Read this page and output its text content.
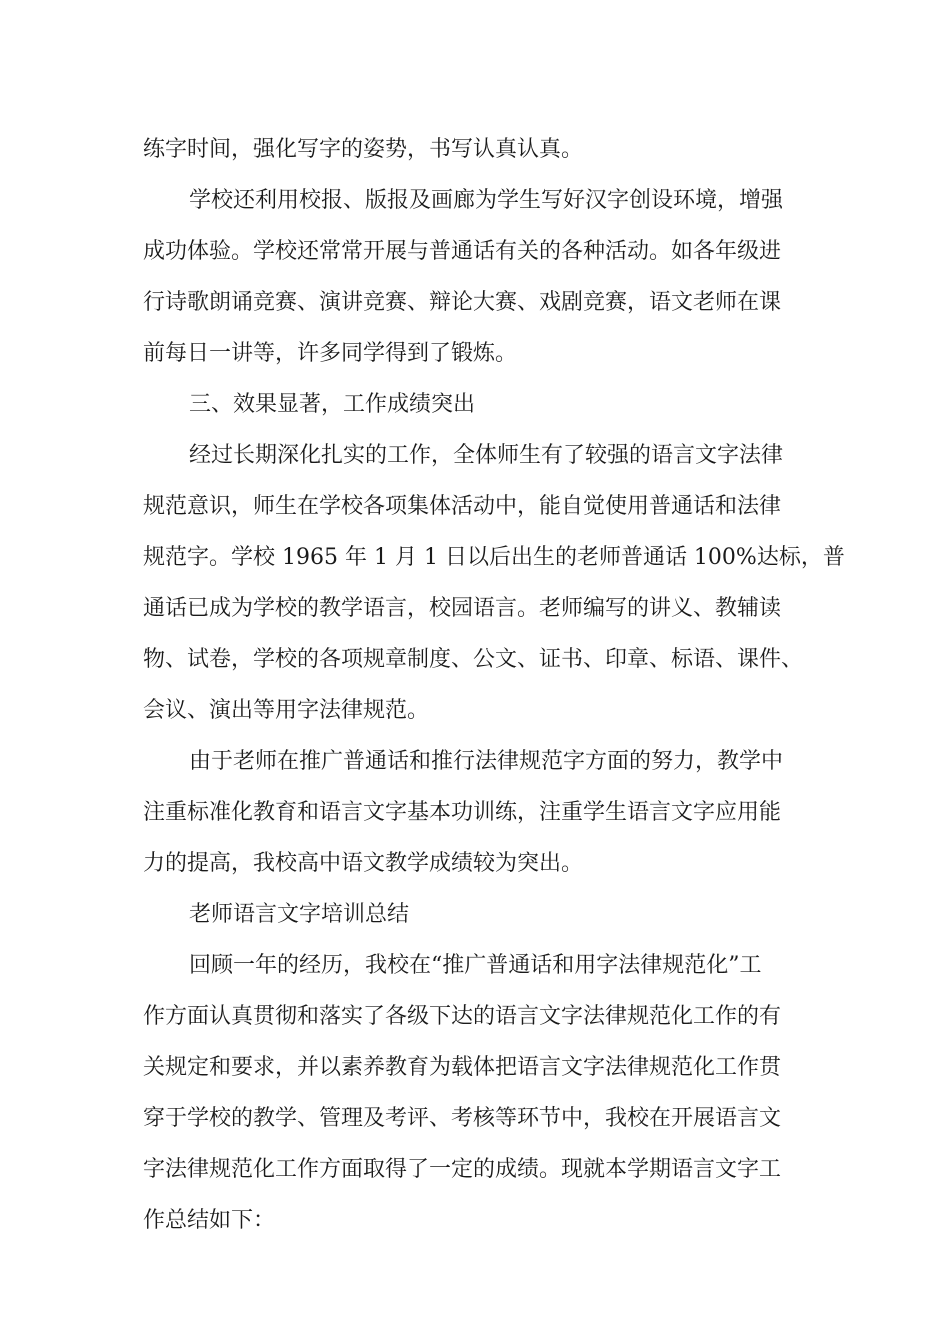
练字时间，强化写字的姿势，书写认真认真。
学校还利用校报、版报及画廊为学生写好汉字创设环境，增强
成功体验。学校还常常开展与普通话有关的各种活动。如各年级进
行诗歌朗诵竞赛、演讲竞赛、辩论大赛、戏剧竞赛，语文老师在课
前每日一讲等，许多同学得到了锻炼。
三、效果显著，工作成绩突出
经过长期深化扎实的工作，全体师生有了较强的语言文字法律
规范意识，师生在学校各项集体活动中，能自觉使用普通话和法律
规范字。学校 1965 年 1 月 1 日以后出生的老师普通话 100%达标，普
通话已成为学校的教学语言，校园语言。老师编写的讲义、教辅读
物、试卷，学校的各项规章制度、公文、证书、印章、标语、课件、
会议、演出等用字法律规范。
由于老师在推广普通话和推行法律规范字方面的努力，教学中
注重标准化教育和语言文字基本功训练，注重学生语言文字应用能
力的提高，我校高中语文教学成绩较为突出。
老师语言文字培训总结
回顾一年的经历，我校在“推广普通话和用字法律规范化”工
作方面认真贯彻和落实了各级下达的语言文字法律规范化工作的有
关规定和要求，并以素养教育为载体把语言文字法律规范化工作贯
穿于学校的教学、管理及考评、考核等环节中，我校在开展语言文
字法律规范化工作方面取得了一定的成绩。现就本学期语言文字工
作总结如下：
